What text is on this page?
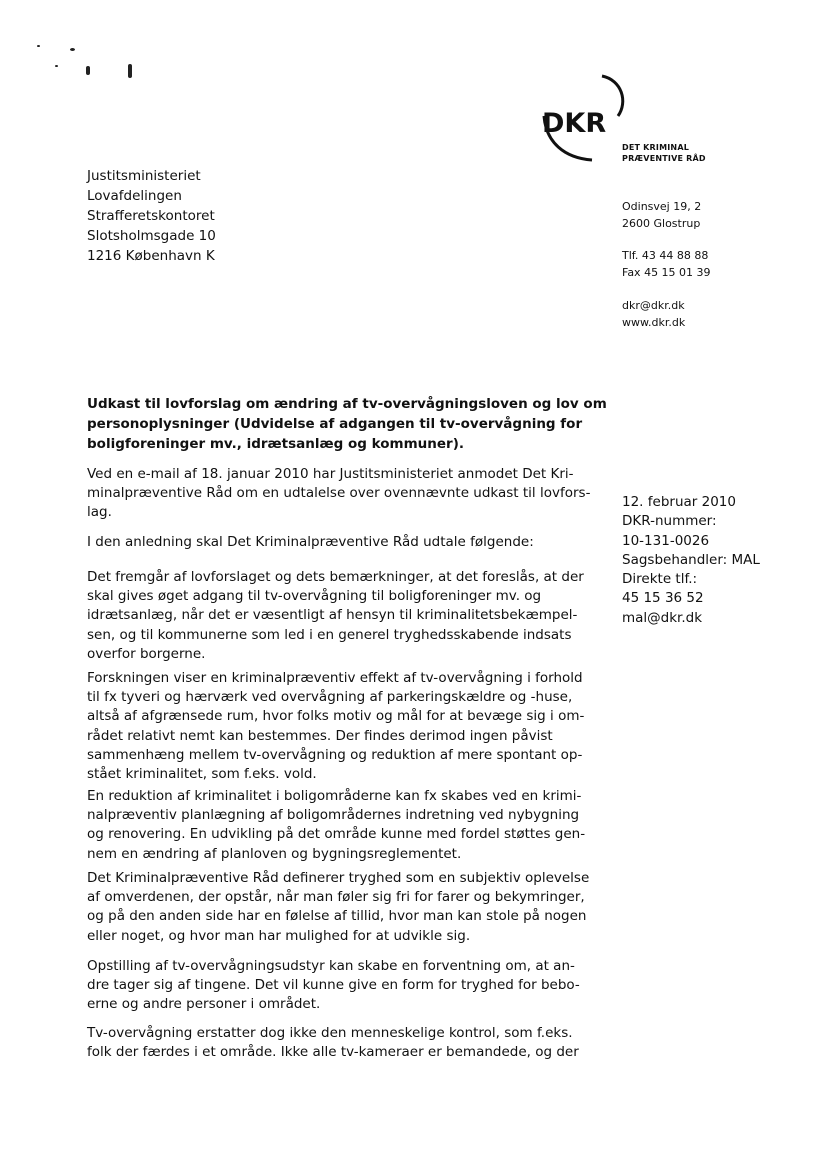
DKR
DET KRIMINAL
PRÆVENTIVE RÅD
Odinsvej 19, 2
2600 Glostrup
Tlf. 43 44 88 88
Fax 45 15 01 39
dkr@dkr.dk
www.dkr.dk
Justitsministeriet
Lovafdelingen
Strafferetskontoret
Slotsholmsgade 10
1216 København K
Udkast til lovforslag om ændring af tv-overvågningsloven og lov om
personoplysninger (Udvidelse af adgangen til tv-overvågning for
boligforeninger mv., idrætsanlæg og kommuner).
12. februar 2010
DKR-nummer:
10-131-0026
Sagsbehandler: MAL
Direkte tlf.:
45 15 36 52
mal@dkr.dk
Ved en e-mail af 18. januar 2010 har Justitsministeriet anmodet Det Kri-
minalpræventive Råd om en udtalelse over ovennævnte udkast til lovfors-
lag.
I den anledning skal Det Kriminalpræventive Råd udtale følgende:
Det fremgår af lovforslaget og dets bemærkninger, at det foreslås, at der
skal gives øget adgang til tv-overvågning til boligforeninger mv. og
idrætsanlæg, når det er væsentligt af hensyn til kriminalitetsbekæmpel-
sen, og til kommunerne som led i en generel tryghedsskabende indsats
overfor borgerne.
Forskningen viser en kriminalpræventiv effekt af tv-overvågning i forhold
til fx tyveri og hærværk ved overvågning af parkeringskældre og -huse,
altså af afgrænsede rum, hvor folks motiv og mål for at bevæge sig i om-
rådet relativt nemt kan bestemmes. Der findes derimod ingen påvist
sammenhæng mellem tv-overvågning og reduktion af mere spontant op-
stået kriminalitet, som f.eks. vold.
En reduktion af kriminalitet i boligområderne kan fx skabes ved en krimi-
nalpræventiv planlægning af boligområdernes indretning ved nybygning
og renovering. En udvikling på det område kunne med fordel støttes gen-
nem en ændring af planloven og bygningsreglementet.
Det Kriminalpræventive Råd definerer tryghed som en subjektiv oplevelse
af omverdenen, der opstår, når man føler sig fri for farer og bekymringer,
og på den anden side har en følelse af tillid, hvor man kan stole på nogen
eller noget, og hvor man har mulighed for at udvikle sig.
Opstilling af tv-overvågningsudstyr kan skabe en forventning om, at an-
dre tager sig af tingene. Det vil kunne give en form for tryghed for bebo-
erne og andre personer i området.
Tv-overvågning erstatter dog ikke den menneskelige kontrol, som f.eks.
folk der færdes i et område. Ikke alle tv-kameraer er bemandede, og der
